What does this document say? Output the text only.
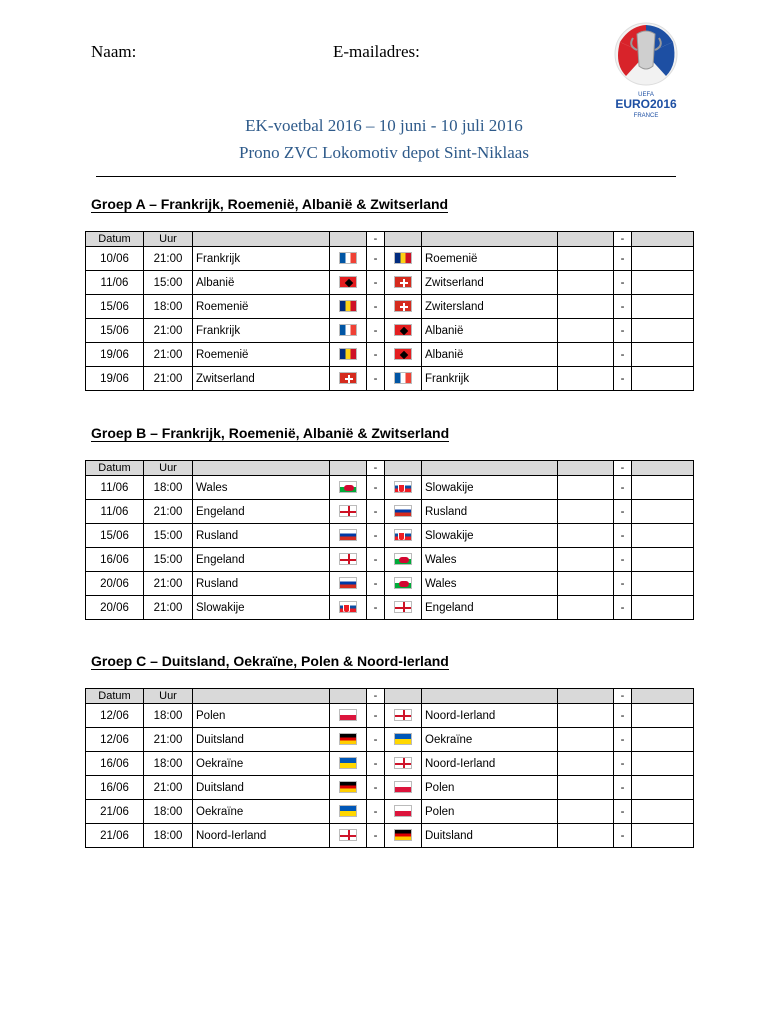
Naam:	E-mailadres:
UEFA
EURO2016
FRANCE
EK-voetbal 2016 – 10 juni - 10 juli 2016
Prono ZVC Lokomotiv depot Sint-Niklaas
Groep A – Frankrijk, Roemenië, Albanië & Zwitserland
Datum	Uur			-				-	
10/06	21:00	Frankrijk		-		Roemenië		-	
11/06	15:00	Albanië		-		Zwitserland		-	
15/06	18:00	Roemenië		-		Zwitersland		-	
15/06	21:00	Frankrijk		-		Albanië		-	
19/06	21:00	Roemenië		-		Albanië		-	
19/06	21:00	Zwitserland		-		Frankrijk		-	
Groep B – Frankrijk, Roemenië, Albanië & Zwitserland
Datum	Uur			-				-	
11/06	18:00	Wales		-		Slowakije		-	
11/06	21:00	Engeland		-		Rusland		-	
15/06	15:00	Rusland		-		Slowakije		-	
16/06	15:00	Engeland		-		Wales		-	
20/06	21:00	Rusland		-		Wales		-	
20/06	21:00	Slowakije		-		Engeland		-	
Groep C – Duitsland, Oekraïne, Polen & Noord-Ierland
Datum	Uur			-				-	
12/06	18:00	Polen		-		Noord-Ierland		-	
12/06	21:00	Duitsland		-		Oekraïne		-	
16/06	18:00	Oekraïne		-		Noord-Ierland		-	
16/06	21:00	Duitsland		-		Polen		-	
21/06	18:00	Oekraïne		-		Polen		-	
21/06	18:00	Noord-Ierland		-		Duitsland		-	
